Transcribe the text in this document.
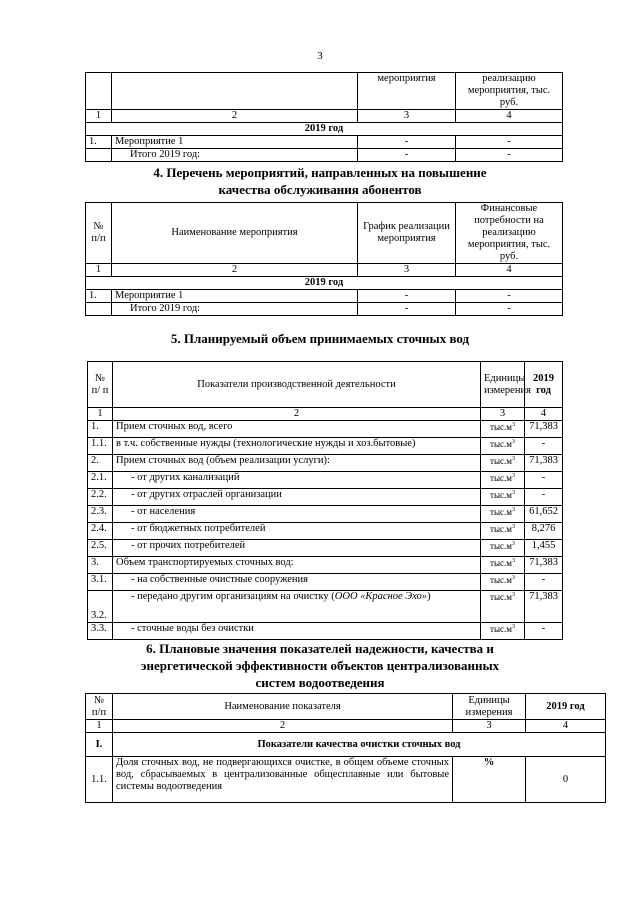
3
		мероприятия	реализацию мероприятия, тыс. руб.
1	2	3	4
2019 год			
1.	Мероприятие 1	-	-
	Итого 2019 год:	-	-
4. Перечень мероприятий, направленных на повышение качества обслуживания абонентов
№ п/п	Наименование мероприятия	График реализации мероприятия	Финансовые потребности на реализацию мероприятия, тыс. руб.
1	2	3	4
2019 год			
1.	Мероприятие 1	-	-
	Итого 2019 год:	-	-
5. Планируемый объем принимаемых сточных вод
№ п/ п	Показатели производственной деятельности	Единицы измерения	2019 год
1	2	3	4
1.	Прием сточных вод, всего	$тыс.м^3$	71,383
1.1.	в т.ч. собственные нужды (технологические нужды и хоз.бытовые)	$тыс.м^3$	-
2.	Прием сточных вод (объем реализации услуги):	$тыс.м^3$	71,383
2.1.	- от других канализаций	$тыс.м^3$	-
2.2.	- от других отраслей организации	$тыс.м^3$	-
2.3.	- от населения	$тыс.м^3$	61,652
2.4.	- от бюджетных потребителей	$тыс.м^3$	8,276
2.5.	- от прочих потребителей	$тыс.м^3$	1,455
3.	Объем транспортируемых сточных вод:	$тыс.м^3$	71,383
3.1.	- на собственные очистные сооружения	$тыс.м^3$	-
3.2.	- передано другим организациям на очистку (ООО «Красное Эхо»)	$тыс.м^3$	71,383
3.3.	- сточные воды без очистки	$тыс.м^3$	-
6. Плановые значения показателей надежности, качества и
энергетической эффективности объектов централизованных
систем водоотведения
№ п/п	Наименование показателя	Единицы измерения	2019 год
1	2	3	4
I.	Показатели качества очистки сточных вод		
1.1.	Доля сточных вод, не подвергающихся очистке, в общем объеме сточных вод, сбрасываемых в централизованные общесплавные или бытовые системы водоотведения	%	0
